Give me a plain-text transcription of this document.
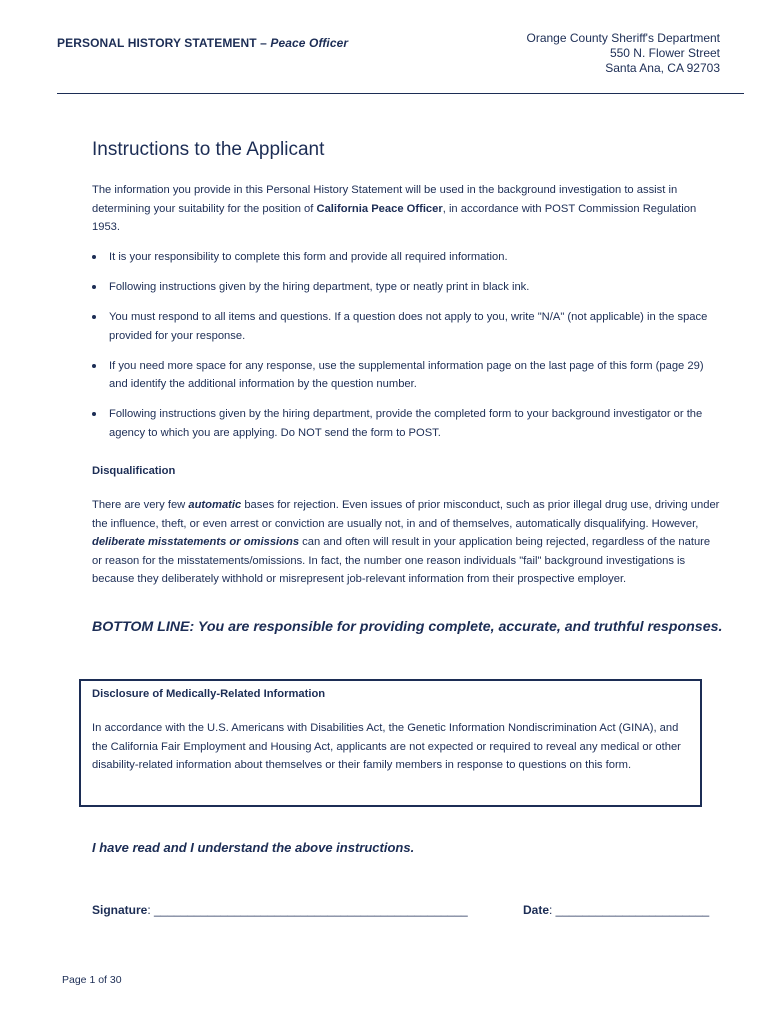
PERSONAL HISTORY STATEMENT – Peace Officer	Orange County Sheriff's Department
550 N. Flower Street
Santa Ana, CA 92703
Instructions to the Applicant
The information you provide in this Personal History Statement will be used in the background investigation to assist in determining your suitability for the position of California Peace Officer, in accordance with POST Commission Regulation 1953.
It is your responsibility to complete this form and provide all required information.
Following instructions given by the hiring department, type or neatly print in black ink.
You must respond to all items and questions. If a question does not apply to you, write "N/A" (not applicable) in the space provided for your response.
If you need more space for any response, use the supplemental information page on the last page of this form (page 29) and identify the additional information by the question number.
Following instructions given by the hiring department, provide the completed form to your background investigator or the agency to which you are applying. Do NOT send the form to POST.
Disqualification
There are very few automatic bases for rejection. Even issues of prior misconduct, such as prior illegal drug use, driving under the influence, theft, or even arrest or conviction are usually not, in and of themselves, automatically disqualifying. However, deliberate misstatements or omissions can and often will result in your application being rejected, regardless of the nature or reason for the misstatements/omissions. In fact, the number one reason individuals "fail" background investigations is because they deliberately withhold or misrepresent job-relevant information from their prospective employer.
BOTTOM LINE: You are responsible for providing complete, accurate, and truthful responses.
Disclosure of Medically-Related Information
In accordance with the U.S. Americans with Disabilities Act, the Genetic Information Nondiscrimination Act (GINA), and the California Fair Employment and Housing Act, applicants are not expected or required to reveal any medical or other disability-related information about themselves or their family members in response to questions on this form.
I have read and I understand the above instructions.
Signature: _______________________________________________	Date: _______________________
Page 1 of 30
